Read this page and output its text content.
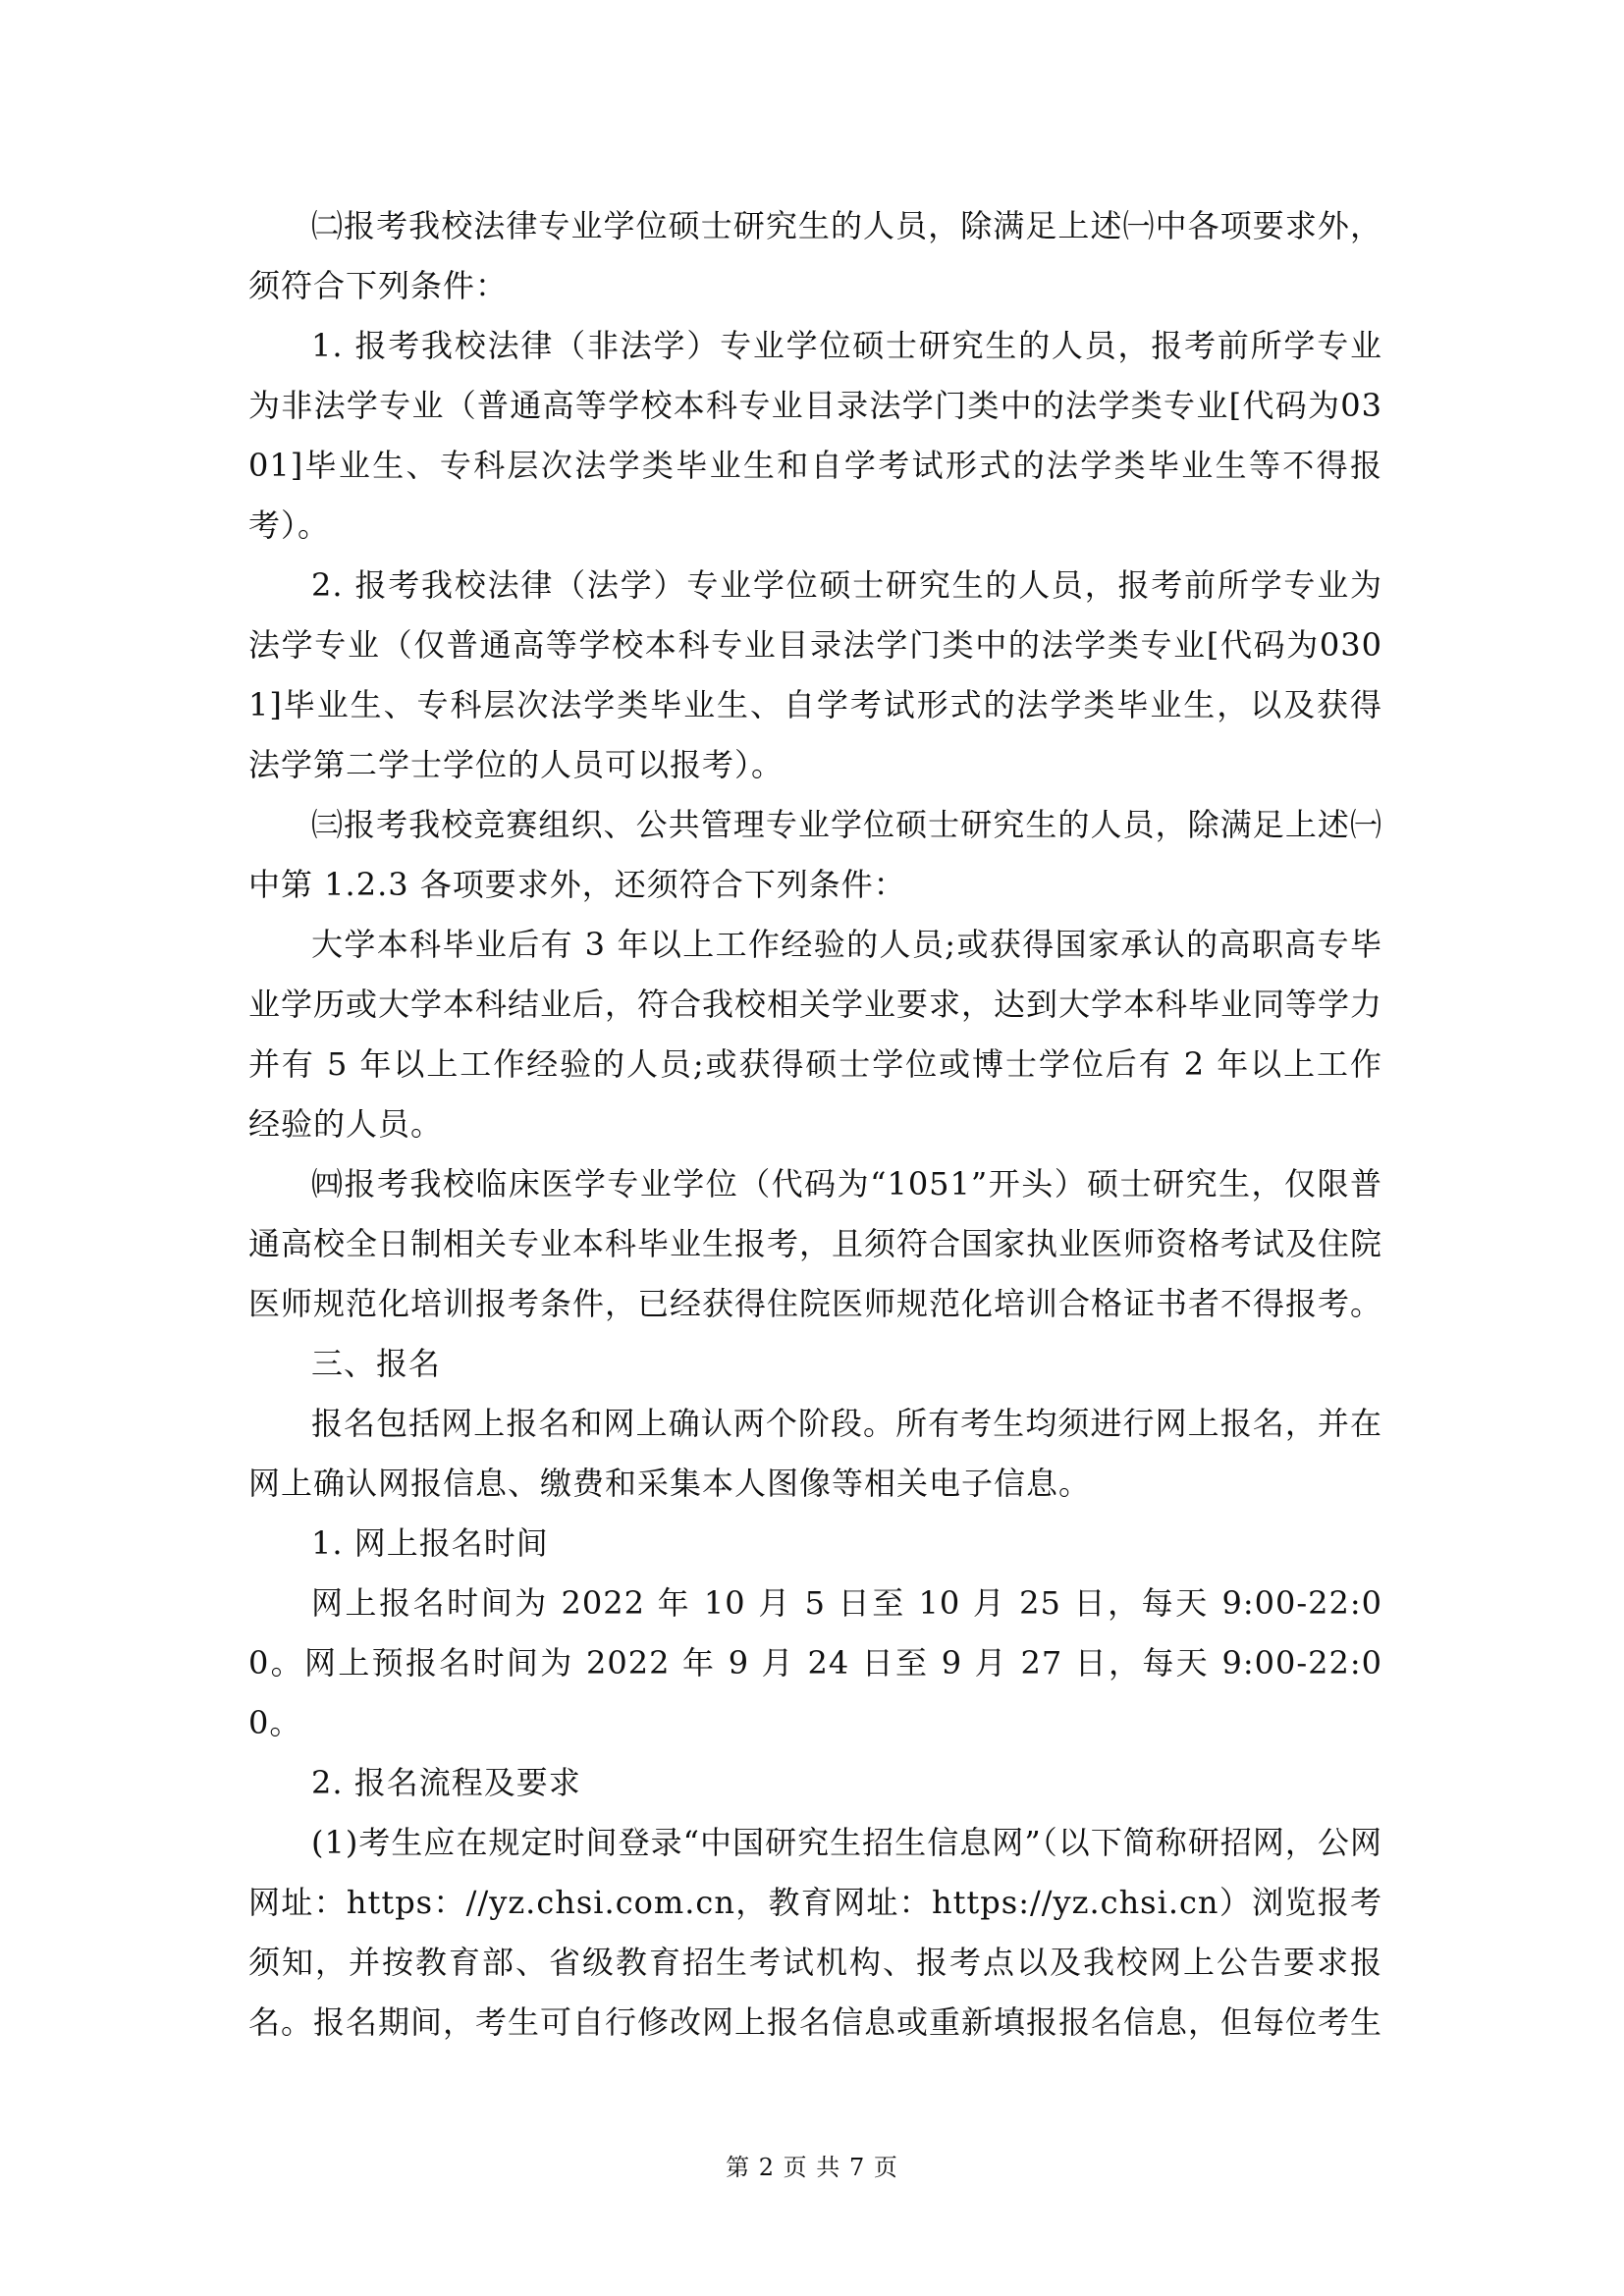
㈡报考我校法律专业学位硕士研究生的人员，除满足上述㈠中各项要求外，须符合下列条件：

1. 报考我校法律（非法学）专业学位硕士研究生的人员，报考前所学专业为非法学专业（普通高等学校本科专业目录法学门类中的法学类专业[代码为0301]毕业生、专科层次法学类毕业生和自学考试形式的法学类毕业生等不得报考）。

2. 报考我校法律（法学）专业学位硕士研究生的人员，报考前所学专业为法学专业（仅普通高等学校本科专业目录法学门类中的法学类专业[代码为0301]毕业生、专科层次法学类毕业生、自学考试形式的法学类毕业生，以及获得法学第二学士学位的人员可以报考）。

㈢报考我校竞赛组织、公共管理专业学位硕士研究生的人员，除满足上述㈠中第 1.2.3 各项要求外，还须符合下列条件：

大学本科毕业后有 3 年以上工作经验的人员;或获得国家承认的高职高专毕业学历或大学本科结业后，符合我校相关学业要求，达到大学本科毕业同等学力并有 5 年以上工作经验的人员;或获得硕士学位或博士学位后有 2 年以上工作经验的人员。

㈣报考我校临床医学专业学位（代码为“1051”开头）硕士研究生，仅限普通高校全日制相关专业本科毕业生报考，且须符合国家执业医师资格考试及住院医师规范化培训报考条件，已经获得住院医师规范化培训合格证书者不得报考。

三、报名

报名包括网上报名和网上确认两个阶段。所有考生均须进行网上报名，并在网上确认网报信息、缴费和采集本人图像等相关电子信息。

1. 网上报名时间

网上报名时间为 2022 年 10 月 5 日至 10 月 25 日，每天 9:00-22:00。网上预报名时间为 2022 年 9 月 24 日至 9 月 27 日，每天 9:00-22:00。

2. 报名流程及要求

(1)考生应在规定时间登录“中国研究生招生信息网”（以下简称研招网，公网网址：https：//yz.chsi.com.cn，教育网址：https://yz.chsi.cn）浏览报考须知，并按教育部、省级教育招生考试机构、报考点以及我校网上公告要求报名。报名期间，考生可自行修改网上报名信息或重新填报报名信息，但每位考生

第 2 页 共 7 页
